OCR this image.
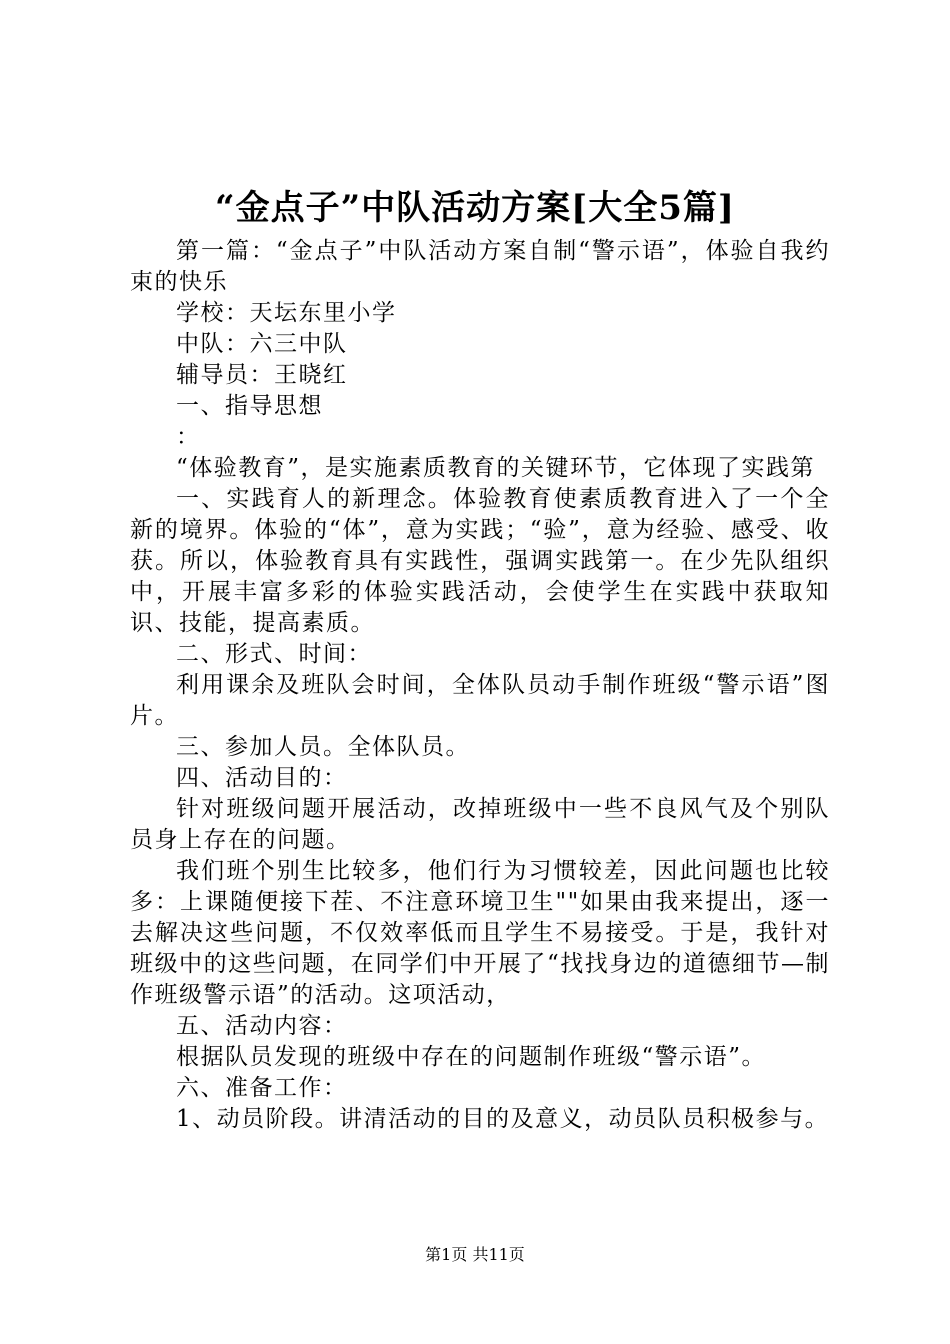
“金点子”中队活动方案[大全5篇]

第一篇：“金点子”中队活动方案自制“警示语”，体验自我约束的快乐

学校：天坛东里小学

中队：六三中队

辅导员：王晓红

一、指导思想

：

“体验教育”，是实施素质教育的关键环节，它体现了实践第

一、实践育人的新理念。体验教育使素质教育进入了一个全新的境界。体验的“体”，意为实践；“验”，意为经验、感受、收获。所以，体验教育具有实践性，强调实践第一。在少先队组织中，开展丰富多彩的体验实践活动，会使学生在实践中获取知识、技能，提高素质。

二、形式、时间：

利用课余及班队会时间，全体队员动手制作班级“警示语”图片。

三、参加人员。全体队员。

四、活动目的：

针对班级问题开展活动，改掉班级中一些不良风气及个别队员身上存在的问题。

我们班个别生比较多，他们行为习惯较差，因此问题也比较多：上课随便接下茬、不注意环境卫生""如果由我来提出，逐一去解决这些问题，不仅效率低而且学生不易接受。于是，我针对班级中的这些问题，在同学们中开展了“找找身边的道德细节—制作班级警示语”的活动。这项活动，

五、活动内容：

根据队员发现的班级中存在的问题制作班级“警示语”。

六、准备工作：

1、动员阶段。讲清活动的目的及意义，动员队员积极参与。

第1页 共11页
